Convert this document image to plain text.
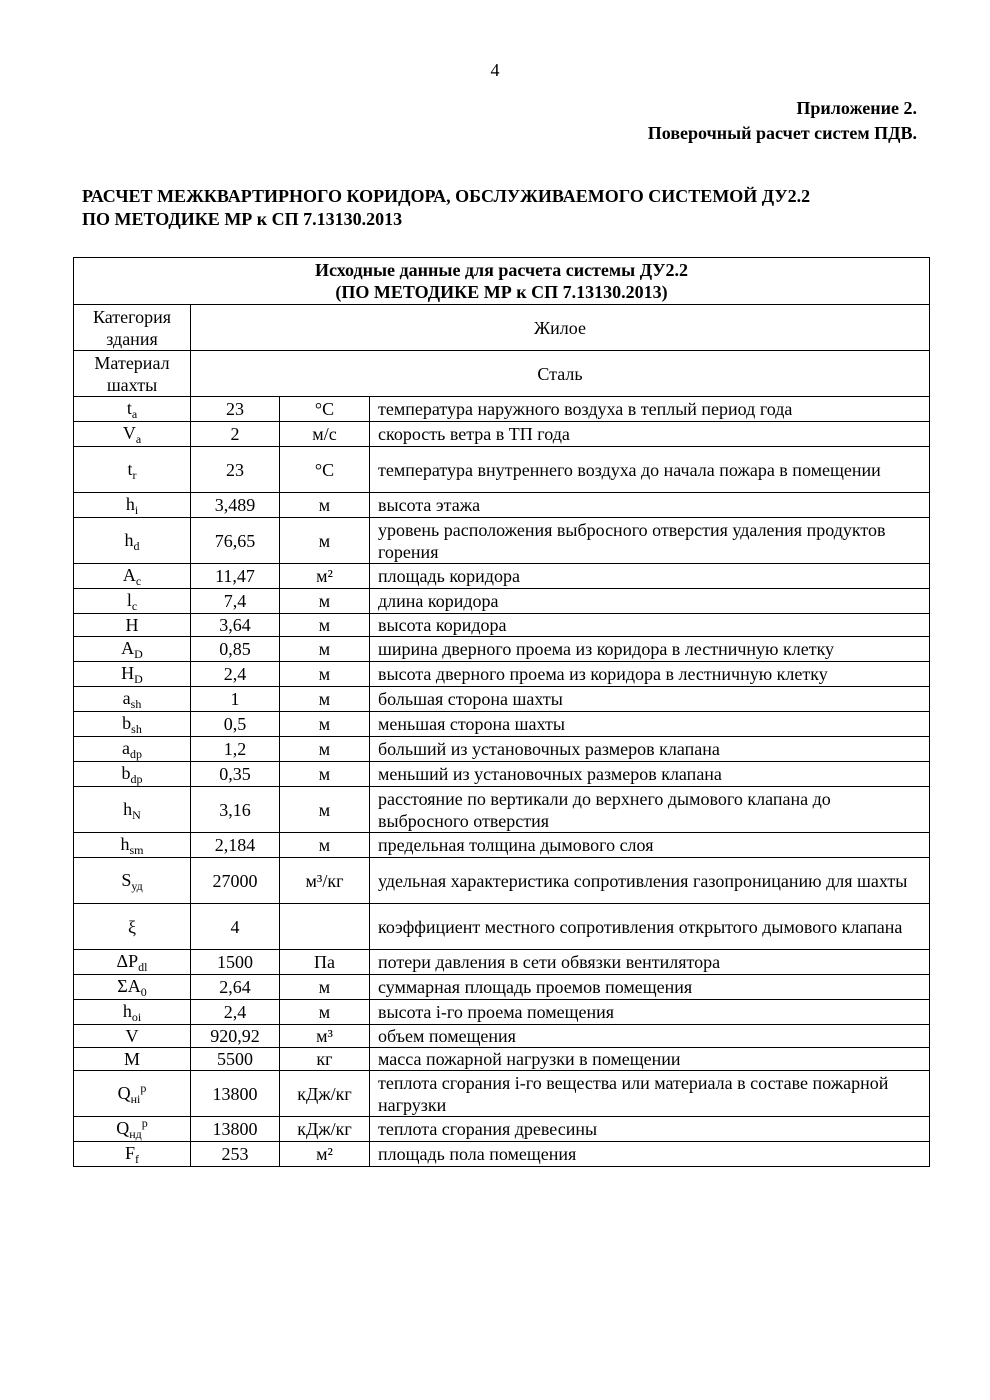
4
Приложение 2.
Поверочный расчет систем ПДВ.
РАСЧЕТ МЕЖКВАРТИРНОГО КОРИДОРА, ОБСЛУЖИВАЕМОГО СИСТЕМОЙ ДУ2.2
ПО МЕТОДИКЕ МР к СП 7.13130.2013
Исходные данные для расчета системы ДУ2.2
(ПО МЕТОДИКЕ МР к СП 7.13130.2013)			

Категория
здания	Жилое		

Материал
шахты	Сталь		
$t_a$	23	°C	температура наружного воздуха в теплый период года
$V_a$	2	м/с	скорость ветра в ТП года
$t_r$	23	°C	температура внутреннего воздуха до начала пожара в помещении
$h_i$	3,489	м	высота этажа
$h_d$	76,65	м	уровень расположения выбросного отверстия удаления продуктов горения
$A_c$	11,47	м²	площадь коридора
$l_c$	7,4	м	длина коридора
H	3,64	м	высота коридора
$A_D$	0,85	м	ширина дверного проема из коридора в лестничную клетку
$H_D$	2,4	м	высота дверного проема из коридора в лестничную клетку
$a_{sh}$	1	м	большая сторона шахты
$b_{sh}$	0,5	м	меньшая сторона шахты
$a_{dp}$	1,2	м	больший из установочных размеров клапана
$b_{dp}$	0,35	м	меньший из установочных размеров клапана
$h_N$	3,16	м	расстояние по вертикали до верхнего дымового клапана до выбросного отверстия
$h_{sm}$	2,184	м	предельная толщина дымового слоя
$S_{уд}$	27000	м³/кг	удельная характеристика сопротивления газопроницанию для шахты
ξ	4		коэффициент местного сопротивления открытого дымового клапана
$\Delta P_{dl}$	1500	Па	потери давления в сети обвязки вентилятора
$\Sigma A_0$	2,64	м	суммарная площадь проемов помещения
$h_{oi}$	2,4	м	высота i-го проема помещения
V	920,92	м³	объем помещения
M	5500	кг	масса пожарной нагрузки в помещении
$Q_{нi}^р$	13800	кДж/кг	теплота сгорания i-го вещества или материала в составе пожарной нагрузки
$Q_{нд}^р$	13800	кДж/кг	теплота сгорания древесины
$F_f$	253	м²	площадь пола помещения
